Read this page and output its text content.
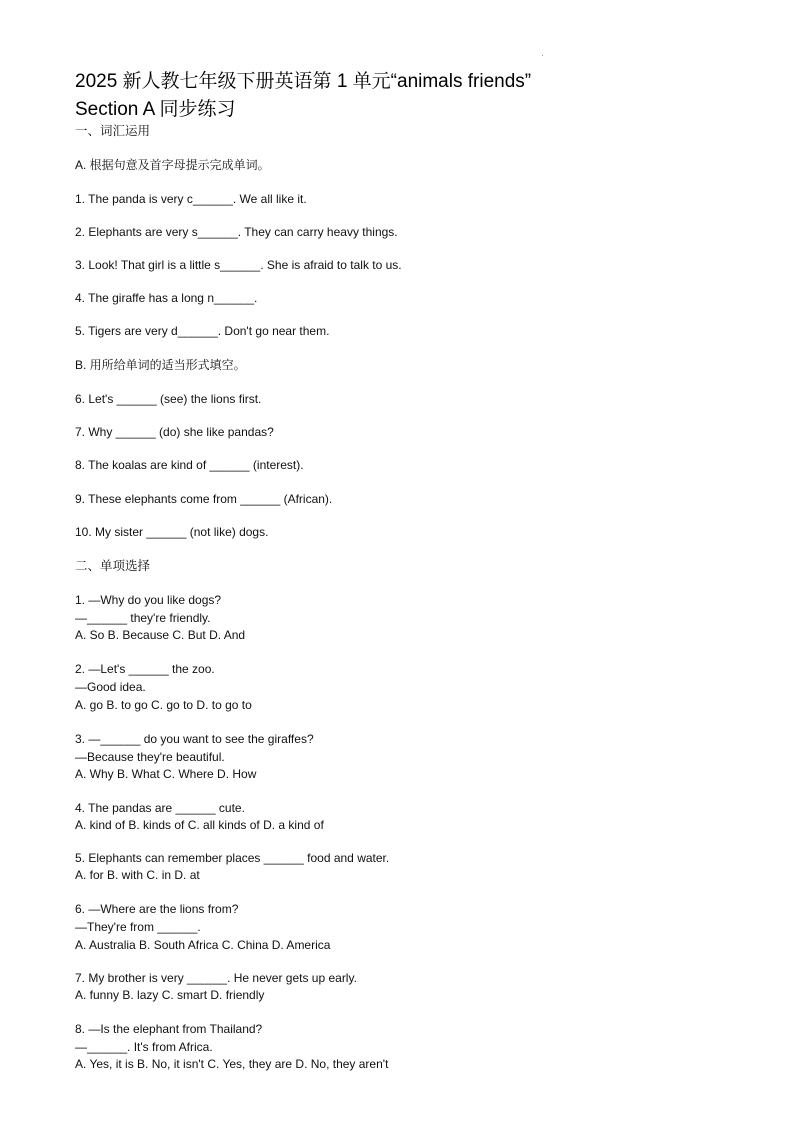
2025 新人教七年级下册英语第 1 单元“animals friends”
Section A 同步练习
一、词汇运用
A. 根据句意及首字母提示完成单词。
1. The panda is very c______. We all like it.
2. Elephants are very s______. They can carry heavy things.
3. Look! That girl is a little s______. She is afraid to talk to us.
4. The giraffe has a long n______.
5. Tigers are very d______. Don't go near them.
B. 用所给单词的适当形式填空。
6. Let's ______ (see) the lions first.
7. Why ______ (do) she like pandas?
8. The koalas are kind of ______ (interest).
9. These elephants come from ______ (African).
10. My sister ______ (not like) dogs.
二、单项选择
1. —Why do you like dogs?
—______ they're friendly.
A. So B. Because C. But D. And
2. —Let's ______ the zoo.
—Good idea.
A. go B. to go C. go to D. to go to
3. —______ do you want to see the giraffes?
—Because they're beautiful.
A. Why B. What C. Where D. How
4. The pandas are ______ cute.
A. kind of B. kinds of C. all kinds of D. a kind of
5. Elephants can remember places ______ food and water.
A. for B. with C. in D. at
6. —Where are the lions from?
—They're from ______.
A. Australia B. South Africa C. China D. America
7. My brother is very ______. He never gets up early.
A. funny B. lazy C. smart D. friendly
8. —Is the elephant from Thailand?
—______. It's from Africa.
A. Yes, it is B. No, it isn't C. Yes, they are D. No, they aren't
